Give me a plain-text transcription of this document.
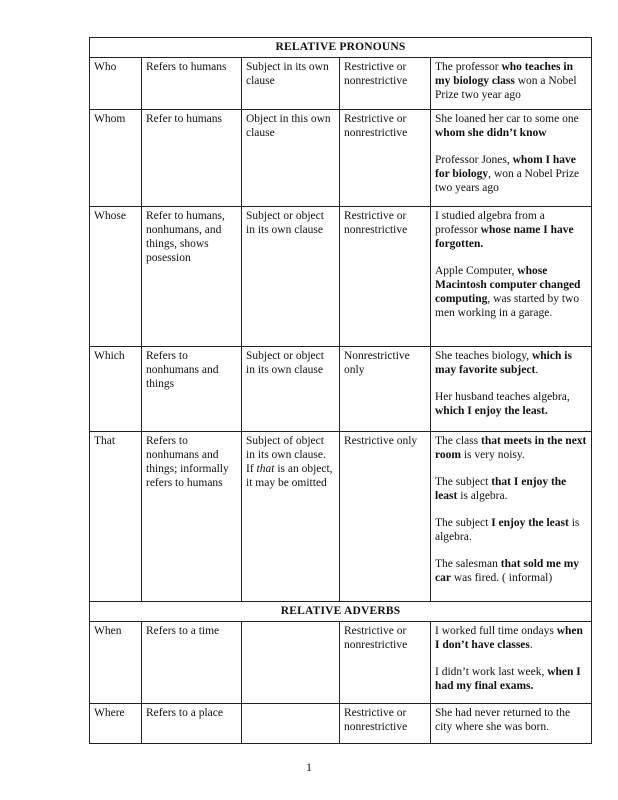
RELATIVE PRONOUNS				
Who	Refers to humans	Subject in its own clause	Restrictive or nonrestrictive	The professor who teaches in my biology class won a Nobel Prize two year ago

Whom	Refer to humans	Object in this own clause	Restrictive or nonrestrictive	She loaned her car to some one whom she didn’t know
Professor Jones, whom I have for biology, won a Nobel Prize two years ago

Whose	Refer to humans, nonhumans, and things, shows posession	Subject or object in its own clause	Restrictive or nonrestrictive	I studied algebra from a professor whose name I have forgotten.
Apple Computer, whose Macintosh computer changed computing, was started by two men working in a garage.

Which	Refers to nonhumans and things	Subject or object in its own clause	Nonrestrictive only	She teaches biology, which is may favorite subject.
Her husband teaches algebra, which I enjoy the least.

That	Refers to nonhumans and things; informally refers to humans	Subject of object in its own clause. If that is an object, it may be omitted	Restrictive only	The class that meets in the next room is very noisy.
The subject that I enjoy the least is algebra.
The subject I enjoy the least is algebra.
The salesman that sold me my car was fired. ( informal)

RELATIVE ADVERBS				
When	Refers to a time		Restrictive or nonrestrictive	I worked full time ondays when I don’t have classes.
I didn’t work last week, when I had my final exams.

Where	Refers to a place		Restrictive or nonrestrictive	She had never returned to the city where she was born.
1
